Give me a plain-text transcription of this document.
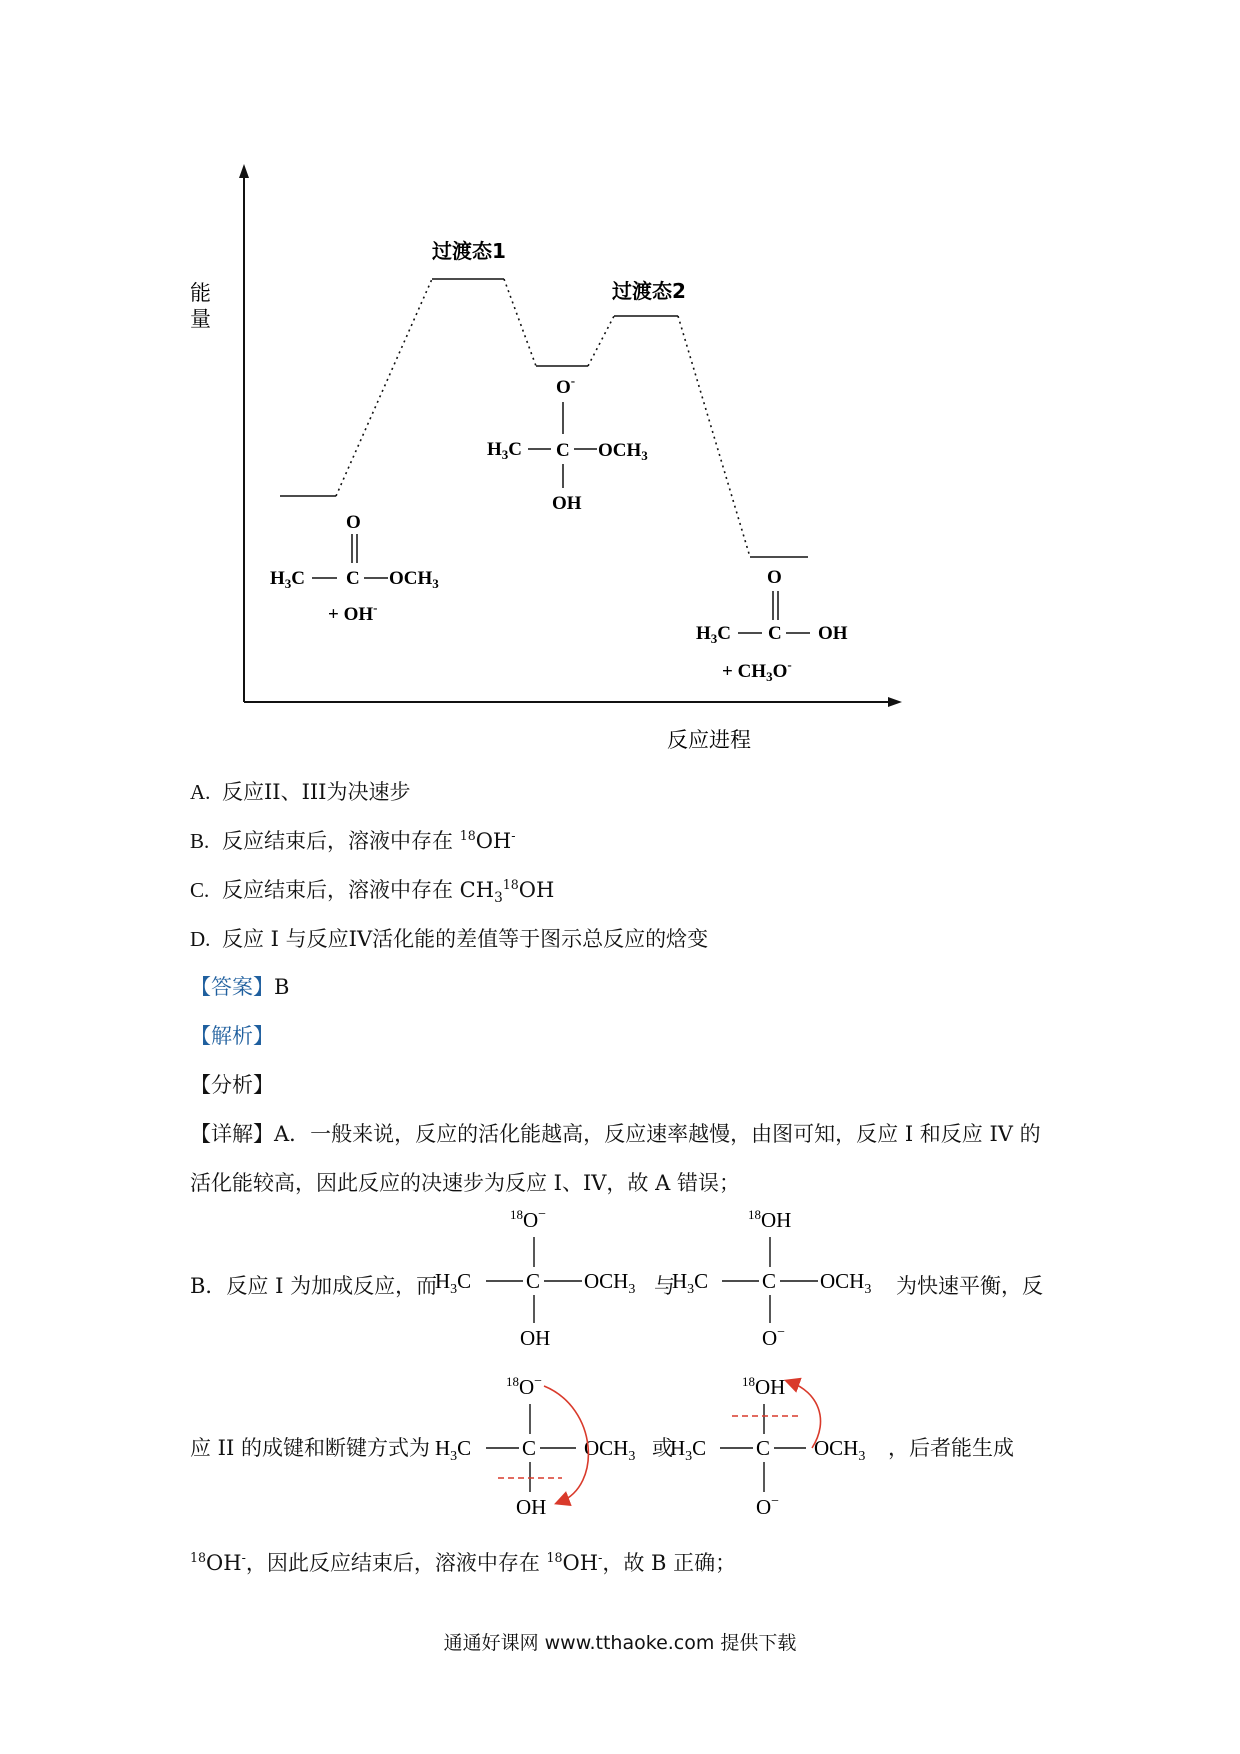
能
量
反应进程
过渡态1
过渡态2
O
$H_3C$ C $OCH_3$
+ OH-
O-
$H_3C$ C $OCH_3$
OH
O
$H_3C$ C OH
+ $CH_3O^-$
A. 反应II、III为决速步
B. 反应结束后，溶液中存在 $^{18}$OH-
C. 反应结束后，溶液中存在 $CH_3^{18}OH$
D. 反应 I 与反应IV活化能的差值等于图示总反应的焓变
【答案】B
【解析】
【分析】
【详解】A．一般来说，反应的活化能越高，反应速率越慢，由图可知，反应 I 和反应 IV 的
活化能较高，因此反应的决速步为反应 I、IV，故 A 错误；
B．反应 I 为加成反应，而	与	为快速平衡，反
$^{18}$O−
$H_3C$	C $OCH_3$
OH
$^{18}$OH
$H_3C$	C $OCH_3$
O−
应 II 的成键和断键方式为	或	，后者能生成
$^{18}$O−
$H_3C$ C $OCH_3$
OH
$^{18}$OH
$H_3C$ C $OCH_3$
O−
$^{18}$OH-，因此反应结束后，溶液中存在 $^{18}$OH-，故 B 正确；
通通好课网 www.tthaoke.com 提供下载
